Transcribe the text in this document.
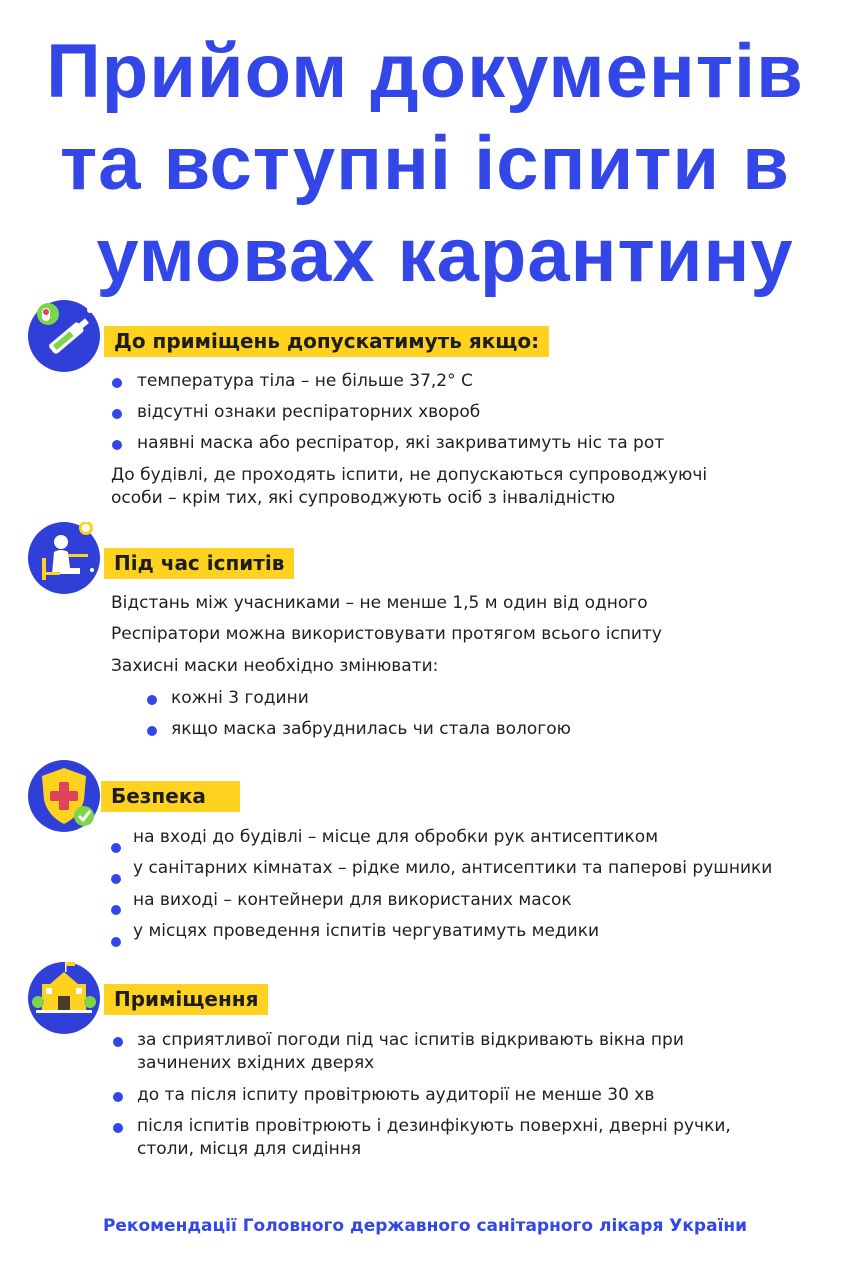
Прийом документів
та вступні іспити в
умовах карантину
До приміщень допускатимуть якщо:
температура тіла – не більше 37,2° С
відсутні ознаки респіраторних хвороб
наявні маска або респіратор, які закриватимуть ніс та рот
До будівлі, де проходять іспити, не допускаються супроводжуючі
особи – крім тих, які супроводжують осіб з інвалідністю
Під час іспитів
Відстань між учасниками – не менше 1,5 м один від одного
Респіратори можна використовувати протягом всього іспиту
Захисні маски необхідно змінювати:
кожні 3 години
якщо маска забруднилась чи стала вологою
Безпека
на вході до будівлі – місце для обробки рук антисептиком
у санітарних кімнатах – рідке мило, антисептики та паперові рушники
на виході – контейнери для використаних масок
у місцях проведення іспитів чергуватимуть медики
Приміщення
за сприятливої погоди під час іспитів відкривають вікна при зачинених вхідних дверях
до та після іспиту провітрюють аудиторії не менше 30 хв
після іспитів провітрюють і дезинфікують поверхні, дверні ручки, столи, місця для сидіння
Рекомендації Головного державного санітарного лікаря України
